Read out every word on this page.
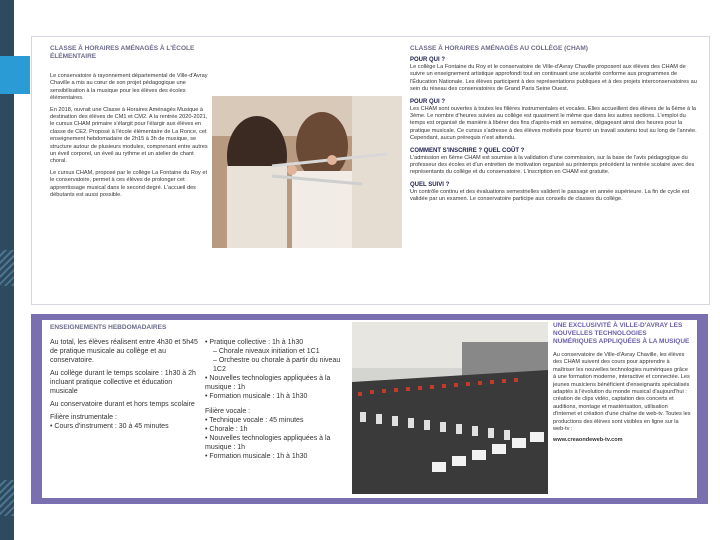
CLASSE À HORAIRES AMÉNAGÉS À L'ÉCOLE ÉLÉMENTAIRE

Le conservatoire à rayonnement départemental de Ville-d'Avray Chaville a mis au cœur de son projet pédagogique une sensibilisation à la musique pour les élèves des écoles élémentaires.

En 2018, ouvrait une Classe à Horaires Aménagés Musique à destination des élèves de CM1 et CM2. A la rentrée 2020-2021, le cursus CHAM primaire s'élargit pour l'élargir aux élèves en classe de CE2. Proposé à l'école élémentaire de La Ronce, cet enseignement hebdomadaire de 2h15 à 3h de musique, se structure autour de plusieurs modules, comprenant entre autres un éveil corporel, un éveil au rythme et un atelier de chant choral.

Le cursus CHAM, proposé par le collège La Fontaine du Roy et le conservatoire, permet à ces élèves de prolonger cet apprentissage musical dans le second degré. L'accueil des débutants est aussi possible.

CLASSE À HORAIRES AMÉNAGÉS AU COLLÈGE (CHAM)
POUR QUI ?

Le collège La Fontaine du Roy et le conservatoire de Ville-d'Avray Chaville proposent aux élèves des CHAM de suivre un enseignement artistique approfondi tout en continuant une scolarité conforme aux programmes de l'Éducation Nationale. Les élèves participent à des représentations publiques et à des projets interconservatoires au sein du réseau des conservatoires de Grand Paris Seine Ouest.

POUR QUI ?

Les CHAM sont ouvertes à toutes les filières instrumentales et vocales. Elles accueillent des élèves de la 6ème à la 3ème. Le nombre d'heures suivies au collège est quasiment le même que dans les autres sections. L'emploi du temps est organisé de manière à libérer des fins d'après-midi en semaine, dégageant ainsi des heures pour la pratique musicale. Ce cursus s'adresse à des élèves motivés pour fournir un travail soutenu tout au long de l'année. Cependant, aucun prérequis n'est attendu.

COMMENT S'INSCRIRE ? QUEL COÛT ?

L'admission en 6ème CHAM est soumise à la validation d'une commission, sur la base de l'avis pédagogique du professeur des écoles et d'un entretien de motivation organisé au printemps précédent la rentrée scolaire avec des représentants du collège et du conservatoire. L'inscription en CHAM est gratuite.

QUEL SUIVI ?

Un contrôle continu et des évaluations semestrielles valident le passage en année supérieure. La fin de cycle est validée par un examen. Le conservatoire participe aux conseils de classes du collège.

ENSEIGNEMENTS HEBDOMADAIRES

Au total, les élèves réalisent entre 4h30 et 5h45 de pratique musicale au collège et au conservatoire.

Au collège durant le temps scolaire : 1h30 à 2h incluant pratique collective et éducation musicale

Au conservatoire durant et hors temps scolaire

Filière instrumentale :

• Cours d'instrument : 30 à 45 minutes

• Pratique collective : 1h à 1h30

– Chorale niveaux initiation et 1C1

– Orchestre ou chorale à partir du niveau 1C2

• Nouvelles technologies appliquées à la musique : 1h

• Formation musicale : 1h à 1h30

Filière vocale :

• Technique vocale : 45 minutes

• Chorale : 1h

• Nouvelles technologies appliquées à la musique : 1h

• Formation musicale : 1h à 1h30

UNE EXCLUSIVITÉ À VILLE-D'AVRAY LES NOUVELLES TECHNOLOGIES NUMÉRIQUES APPLIQUÉES À LA MUSIQUE

Au conservatoire de Ville-d'Avray Chaville, les élèves des CHAM suivent des cours pour apprendre à maîtriser les nouvelles technologies numériques grâce à une formation moderne, interactive et connectée. Les jeunes musiciens bénéficient d'enseignants spécialisés adaptés à l'évolution du monde musical d'aujourd'hui : création de clips vidéo, captation des concerts et auditions, montage et mastérisation, utilisation d'internet et création d'une chaîne de web-tv. Toutes les productions des élèves sont visibles en ligne sur la web-tv :

www.creaondeweb-tv.com
